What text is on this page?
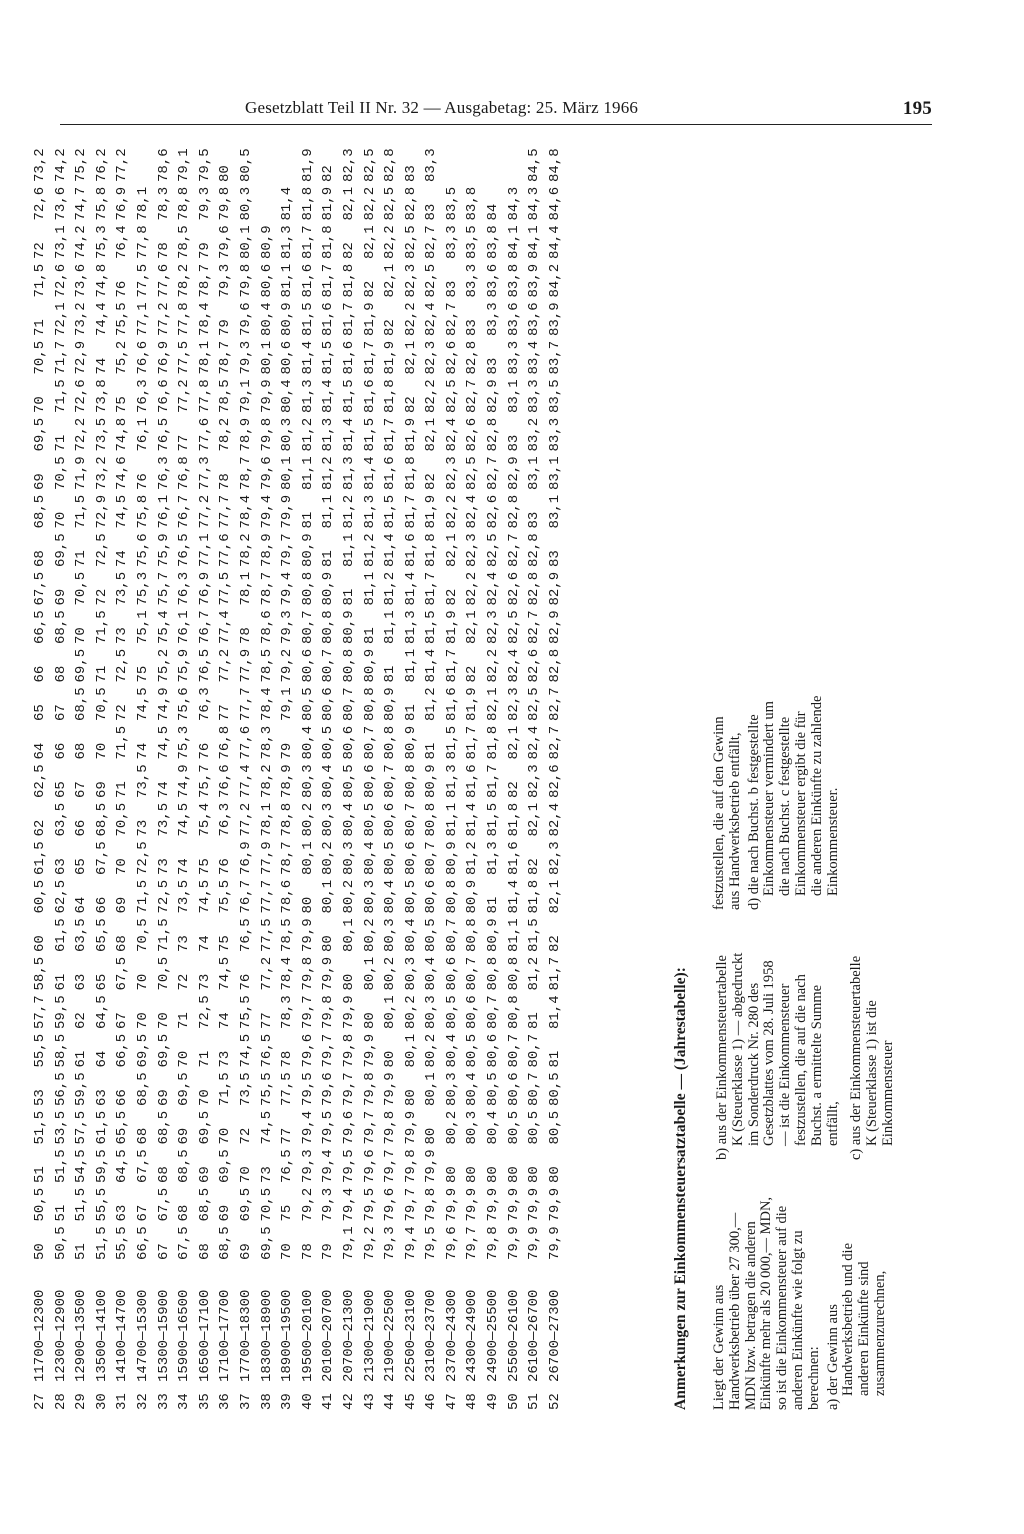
Gesetzblatt Teil II Nr. 32 — Ausgabetag: 25. März 1966	195
27
11700—12300
50
50,5
51
51,5
53
55,5
57,7
58,5
60
60,5
61,5
62
62,5
64
65
66
66,5
67,5
68
68,5
69
69,5
70
70,5
71
71,5
72
72,6
73,2
28
12300—12900
50,5
51
51,5
53,5
56,5
58,5
59,5
61
61,5
62,5
63
63,5
65
66
67
68
68,5
69
69,5
70
70,5
71
71,5
71,7
72,1
72,6
73,1
73,6
74,2
29
12900—13500
51
51,5
54,5
57,5
59,5
61
62
63
63,5
64
65
66
67
68
68,5
69,5
70
70,5
71
71,5
71,9
72,2
72,6
72,9
73,2
73,6
74,2
74,7
75,2
30
13500—14100
51,5
55,5
59,5
61,5
63
64
64,5
65
65,5
66
67,5
68,5
69
70
70,5
71
71,5
72
72,5
72,9
73,2
73,5
73,8
74
74,4
74,8
75,3
75,8
76,2
31
14100—14700
55,5
63
64,5
65,5
66
66,5
67
67,5
68
69
70
70,5
71
71,5
72
72,5
73
73,5
74
74,5
74,6
74,8
75
75,2
75,5
76
76,4
76,9
77,2
32
14700—15300
66,5
67
67,5
68
68,5
69,5
70
70
70,5
71,5
72,5
73
73,5
74
74,5
75
75,1
75,3
75,6
75,8
76
76,1
76,3
76,6
77,1
77,5
77,8
78,1
33
15300—15900
67
67,5
68
68,5
69
69,5
70
70,5
71,5
72,5
73
73,5
74
74,5
74,9
75,2
75,4
75,7
75,9
76,1
76,3
76,5
76,6
76,9
77,2
77,6
78
78,3
78,6
34
15900—16500
67,5
68
68,5
69
69,5
70
71
72
73
73,5
74
74,5
74,9
75,3
75,6
75,9
76,1
76,3
76,5
76,7
76,8
77
77,2
77,5
77,8
78,2
78,5
78,8
79,1
35
16500—17100
68
68,5
69
69,5
70
71
72,5
73
74
74,5
75
75,4
75,7
76
76,3
76,5
76,7
76,9
77,1
77,2
77,3
77,6
77,8
78,1
78,4
78,7
79
79,3
79,5
36
17100—17700
68,5
69
69,5
70
71,5
73
74
74,5
75
75,5
76
76,3
76,6
76,8
77
77,2
77,4
77,5
77,6
77,7
78
78,2
78,5
78,7
79
79,3
79,6
79,8
80
37
17700—18300
69
69,5
70
72
73,5
74,5
75,5
76
76,5
76,7
76,9
77,2
77,4
77,6
77,7
77,9
78
78,1
78,2
78,4
78,7
78,9
79,1
79,3
79,6
79,8
80,1
80,3
80,5
38
18300—18900
69,5
70,5
73
74,5
75,5
76,5
77
77,2
77,5
77,7
77,9
78,1
78,2
78,3
78,4
78,5
78,6
78,7
78,9
79,4
79,6
79,8
79,9
80,1
80,4
80,6
80,9
39
18900—19500
70
75
76,5
77
77,5
78
78,3
78,4
78,5
78,6
78,7
78,8
78,9
79
79,1
79,2
79,3
79,4
79,7
79,9
80,1
80,3
80,4
80,6
80,9
81,1
81,3
81,4
40
19500—20100
78
79,2
79,3
79,4
79,5
79,6
79,7
79,8
79,9
80
80,1
80,2
80,3
80,4
80,5
80,6
80,7
80,8
80,9
81
81,1
81,2
81,3
81,4
81,5
81,6
81,7
81,8
81,9
41
20100—20700
79
79,3
79,4
79,5
79,6
79,7
79,8
79,9
80
80,1
80,2
80,3
80,4
80,5
80,6
80,7
80,8
80,9
81
81,1
81,2
81,3
81,4
81,5
81,6
81,7
81,8
81,9
82
42
20700—21300
79,1
79,4
79,5
79,6
79,7
79,8
79,9
80
80,1
80,2
80,3
80,4
80,5
80,6
80,7
80,8
80,9
81
81,1
81,2
81,3
81,4
81,5
81,6
81,7
81,8
82
82,1
82,3
43
21300—21900
79,2
79,5
79,6
79,7
79,8
79,9
80
80,1
80,2
80,3
80,4
80,5
80,6
80,7
80,8
80,9
81
81,1
81,2
81,3
81,4
81,5
81,6
81,7
81,9
82
82,1
82,2
82,5
44
21900—22500
79,3
79,6
79,7
79,8
79,9
80
80,1
80,2
80,3
80,4
80,5
80,6
80,7
80,8
80,9
81
81,1
81,2
81,4
81,5
81,6
81,7
81,8
81,9
82
82,1
82,2
82,5
82,8
45
22500—23100
79,4
79,7
79,8
79,9
80
80,1
80,2
80,3
80,4
80,5
80,6
80,7
80,8
80,9
81
81,1
81,3
81,4
81,6
81,7
81,8
81,9
82
82,1
82,2
82,3
82,5
82,8
83
46
23100—23700
79,5
79,8
79,9
80
80,1
80,2
80,3
80,4
80,5
80,6
80,7
80,8
80,9
81
81,2
81,4
81,5
81,7
81,8
81,9
82
82,1
82,2
82,3
82,4
82,5
82,7
83
83,3
47
23700—24300
79,6
79,9
80
80,2
80,3
80,4
80,5
80,6
80,7
80,8
80,9
81,1
81,3
81,5
81,6
81,7
81,9
82
82,1
82,2
82,3
82,4
82,5
82,6
82,7
83
83,3
83,5
48
24300—24900
79,7
79,9
80
80,3
80,4
80,5
80,6
80,7
80,8
80,9
81,2
81,4
81,6
81,7
81,9
82
82,1
82,2
82,3
82,4
82,5
82,6
82,7
82,8
83
83,3
83,5
83,8
49
24900—25500
79,8
79,9
80
80,4
80,5
80,6
80,7
80,8
80,9
81
81,3
81,5
81,7
81,8
82,1
82,2
82,3
82,4
82,5
82,6
82,7
82,8
82,9
83
83,3
83,6
83,8
84
50
25500—26100
79,9
79,9
80
80,5
80,6
80,7
80,8
80,8
81,1
81,4
81,6
81,8
82
82,1
82,3
82,4
82,5
82,6
82,7
82,8
82,9
83
83,1
83,3
83,6
83,8
84,1
84,3
51
26100—26700
79,9
79,9
80
80,5
80,7
80,7
81
81,2
81,5
81,8
82
82,1
82,3
82,4
82,5
82,6
82,7
82,8
82,8
83
83,1
83,2
83,3
83,4
83,6
83,9
84,1
84,3
84,5
52
26700—27300
79,9
79,9
80
80,5
80,5
81
81,4
81,7
82
82,1
82,3
82,4
82,6
82,7
82,7
82,8
82,9
82,9
83
83,1
83,1
83,3
83,5
83,7
83,9
84,2
84,4
84,6
84,8
Anmerkungen zur Einkommensteuersatztabelle — (Jahrestabelle):	Liegt der Gewinn aus Handwerksbetrieb über 27 300,— MDN bzw. betragen die anderen Einkünfte mehr als 20 000,— MDN, so ist die Einkommensteuer auf die anderen Einkünfte wie folgt zu berechnen: a) der Gewinn aus Handwerksbetrieb und die anderen Einkünfte sind zusammenzurechnen,

b) aus der Einkommensteuertabelle K (Steuerklasse 1) — abgedruckt im Sonderdruck Nr. 280 des Gesetzblattes vom 28. Juli 1958 — ist die Einkommensteuer festzustellen, die auf die nach Buchst. a ermittelte Summe entfällt, c) aus der Einkommensteuertabelle K (Steuerklasse 1) ist die Einkommensteuer

festzustellen, die auf den Gewinn aus Handwerksbetrieb entfällt, d) die nach Buchst. b festgestellte Einkommensteuer vermindert um die nach Buchst. c festgestellte Einkommensteuer ergibt die für die anderen Einkünfte zu zahlende Einkommensteuer.
